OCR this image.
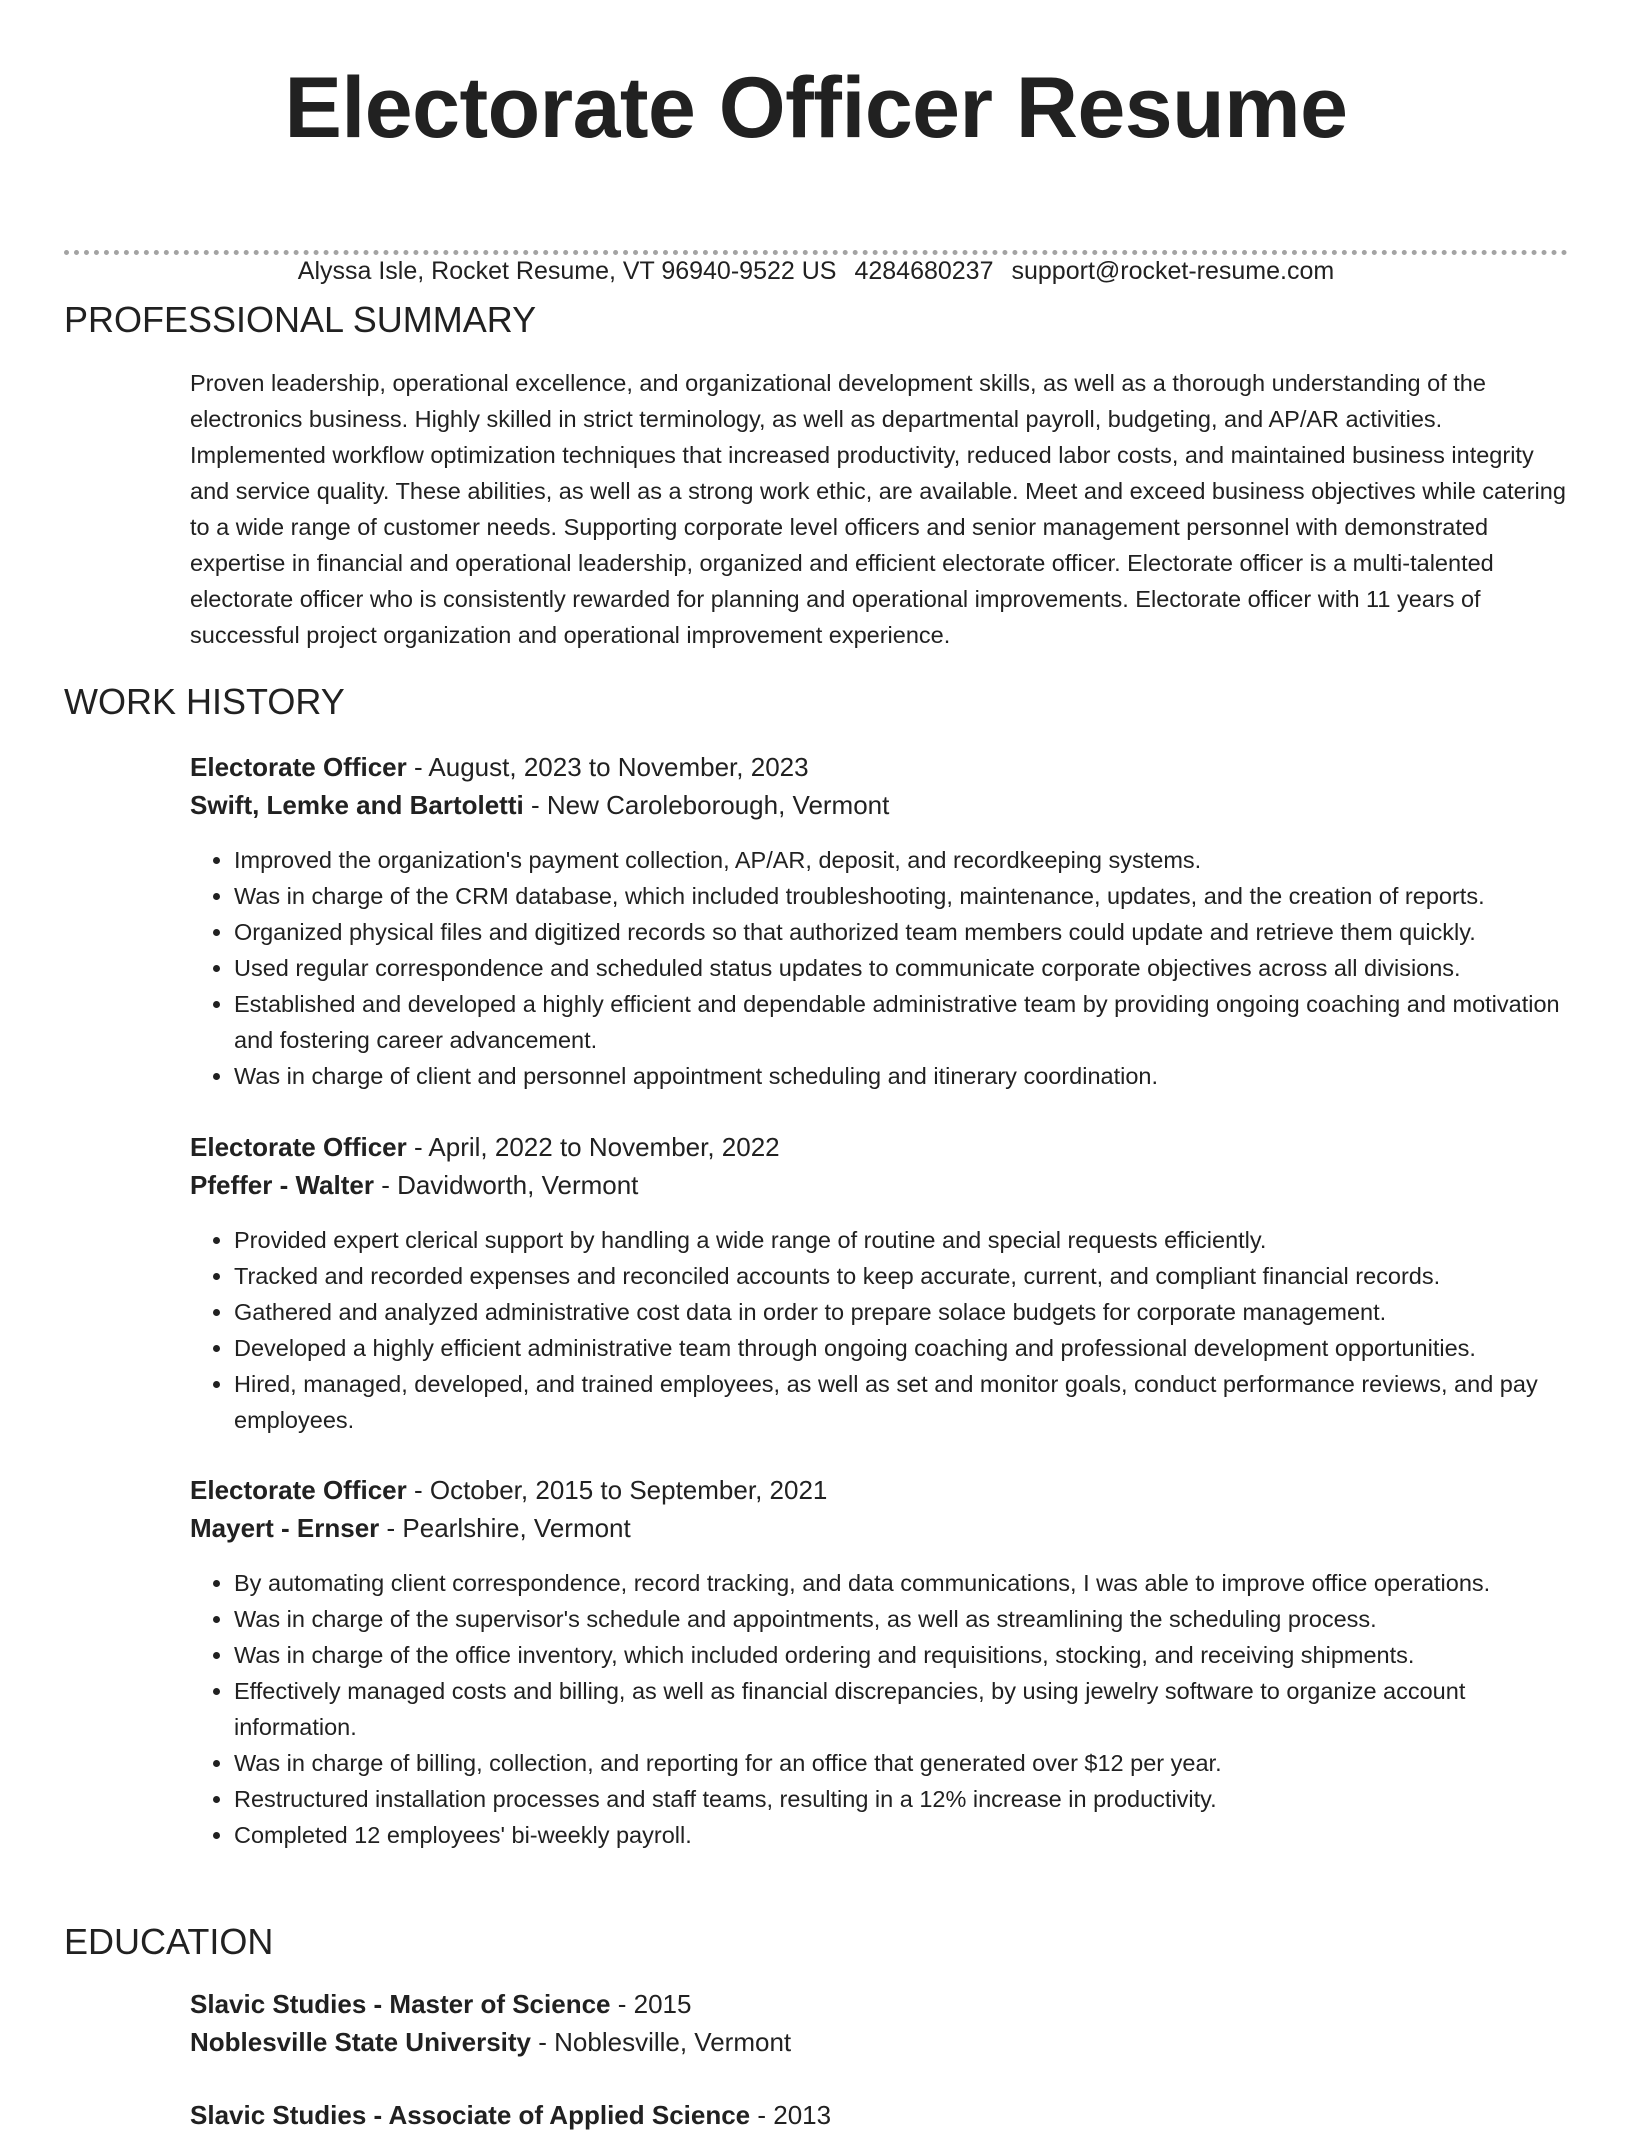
Electorate Officer Resume
Alyssa Isle, Rocket Resume, VT 96940-9522 US 4284680237 support@rocket-resume.com
PROFESSIONAL SUMMARY

Proven leadership, operational excellence, and organizational development skills, as well as a thorough understanding of the electronics business. Highly skilled in strict terminology, as well as departmental payroll, budgeting, and AP/AR activities. Implemented workflow optimization techniques that increased productivity, reduced labor costs, and maintained business integrity and service quality. These abilities, as well as a strong work ethic, are available. Meet and exceed business objectives while catering to a wide range of customer needs. Supporting corporate level officers and senior management personnel with demonstrated expertise in financial and operational leadership, organized and efficient electorate officer. Electorate officer is a multi-talented electorate officer who is consistently rewarded for planning and operational improvements. Electorate officer with 11 years of successful project organization and operational improvement experience.

WORK HISTORY

Electorate Officer - August, 2023 to November, 2023

Swift, Lemke and Bartoletti - New Caroleborough, Vermont

• Improved the organization's payment collection, AP/AR, deposit, and recordkeeping systems.
• Was in charge of the CRM database, which included troubleshooting, maintenance, updates, and the creation of reports.
• Organized physical files and digitized records so that authorized team members could update and retrieve them quickly.
• Used regular correspondence and scheduled status updates to communicate corporate objectives across all divisions.
• Established and developed a highly efficient and dependable administrative team by providing ongoing coaching and motivation and fostering career advancement.
• Was in charge of client and personnel appointment scheduling and itinerary coordination.

Electorate Officer - April, 2022 to November, 2022

Pfeffer - Walter - Davidworth, Vermont

• Provided expert clerical support by handling a wide range of routine and special requests efficiently.
• Tracked and recorded expenses and reconciled accounts to keep accurate, current, and compliant financial records.
• Gathered and analyzed administrative cost data in order to prepare solace budgets for corporate management.
• Developed a highly efficient administrative team through ongoing coaching and professional development opportunities.
• Hired, managed, developed, and trained employees, as well as set and monitor goals, conduct performance reviews, and pay employees.

Electorate Officer - October, 2015 to September, 2021

Mayert - Ernser - Pearlshire, Vermont

• By automating client correspondence, record tracking, and data communications, I was able to improve office operations.
• Was in charge of the supervisor's schedule and appointments, as well as streamlining the scheduling process.
• Was in charge of the office inventory, which included ordering and requisitions, stocking, and receiving shipments.
• Effectively managed costs and billing, as well as financial discrepancies, by using jewelry software to organize account information.
• Was in charge of billing, collection, and reporting for an office that generated over $12 per year.
• Restructured installation processes and staff teams, resulting in a 12% increase in productivity.
• Completed 12 employees' bi-weekly payroll.
EDUCATION

Slavic Studies - Master of Science - 2015

Noblesville State University - Noblesville, Vermont

Slavic Studies - Associate of Applied Science - 2013
